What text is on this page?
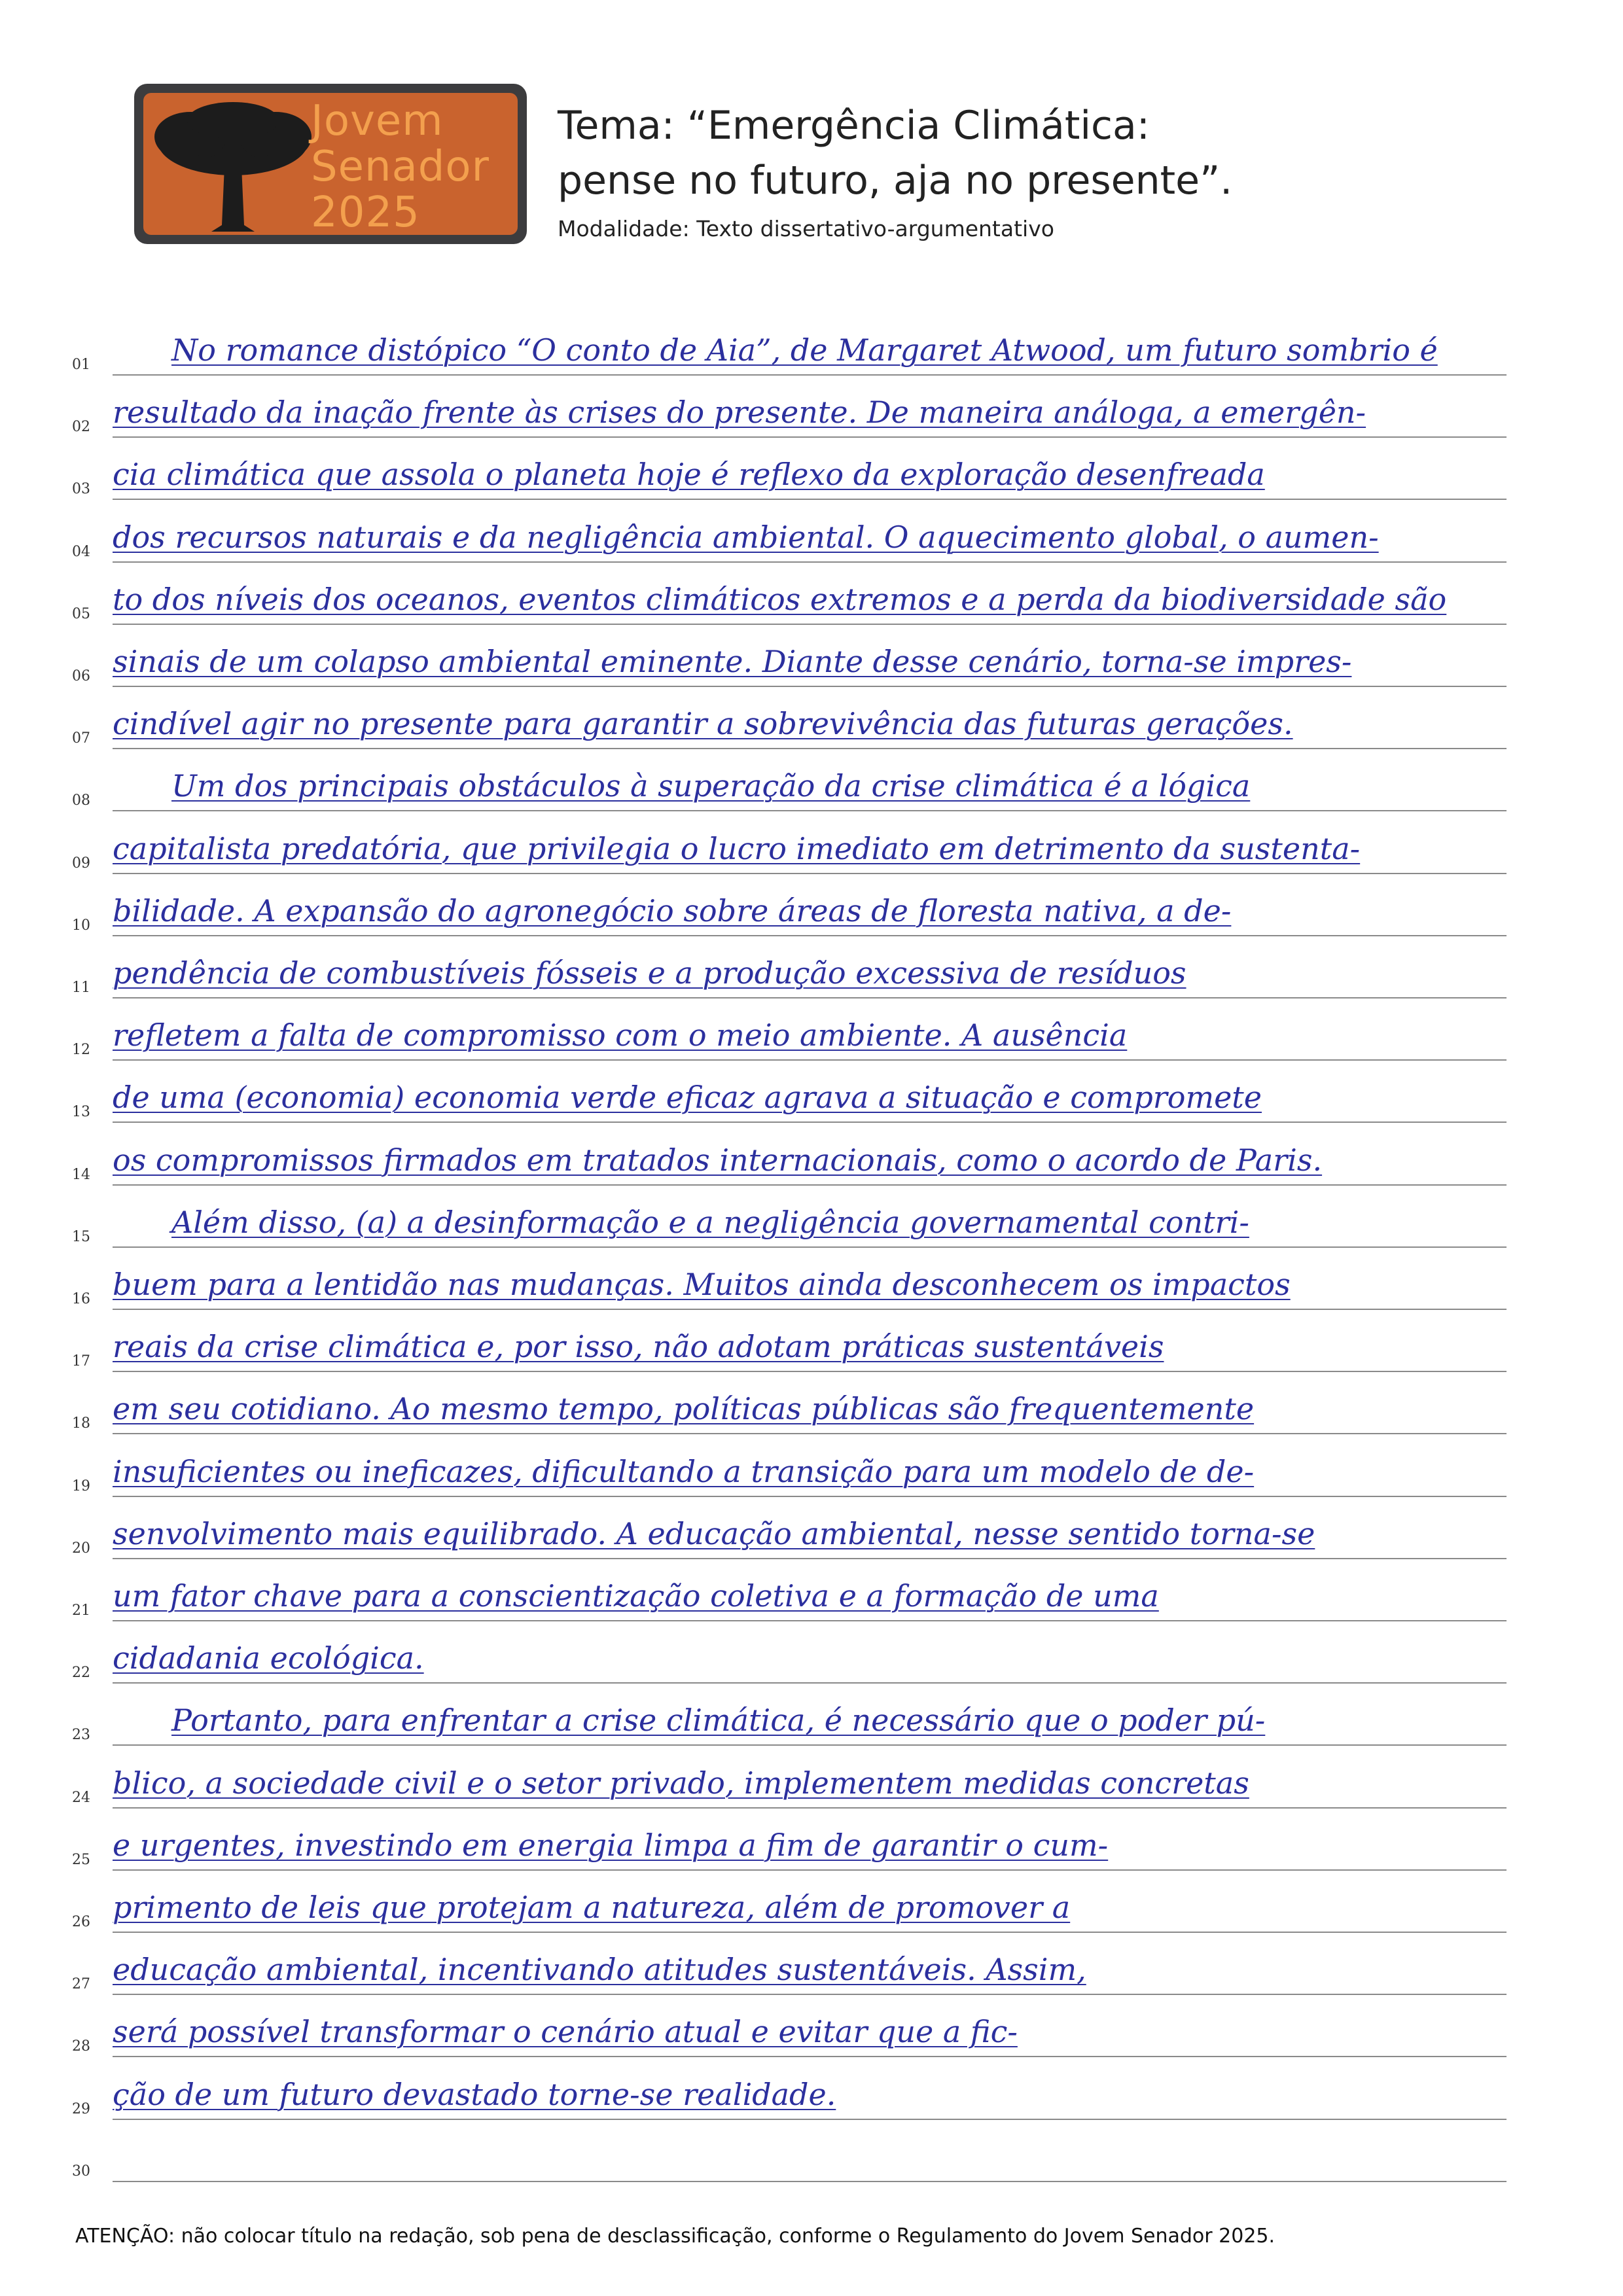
Jovem
Senador
2025
Tema: “Emergência Climática:
pense no futuro, aja no presente”.
Modalidade: Texto dissertativo-argumentativo
01	No romance distópico “O conto de Aia”, de Margaret Atwood, um futuro sombrio é
02 resultado da inação frente às crises do presente. De maneira análoga, a emergên-
03 cia climática que assola o planeta hoje é reflexo da exploração desenfreada
04 dos recursos naturais e da negligência ambiental. O aquecimento global, o aumen-
05 to dos níveis dos oceanos, eventos climáticos extremos e a perda da biodiversidade são
06 sinais de um colapso ambiental eminente. Diante desse cenário, torna-se impres-
07 cindível agir no presente para garantir a sobrevivência das futuras gerações.
08	Um dos principais obstáculos à superação da crise climática é a lógica
09 capitalista predatória, que privilegia o lucro imediato em detrimento da sustenta-
10 bilidade. A expansão do agronegócio sobre áreas de floresta nativa, a de-
11 pendência de combustíveis fósseis e a produção excessiva de resíduos
12 refletem a falta de compromisso com o meio ambiente. A ausência
13 de uma (economia) economia verde eficaz agrava a situação e compromete
14 os compromissos firmados em tratados internacionais, como o acordo de Paris.
15	Além disso, (a) a desinformação e a negligência governamental contri-
16 buem para a lentidão nas mudanças. Muitos ainda desconhecem os impactos
17 reais da crise climática e, por isso, não adotam práticas sustentáveis
18 em seu cotidiano. Ao mesmo tempo, políticas públicas são frequentemente
19 insuficientes ou ineficazes, dificultando a transição para um modelo de de-
20 senvolvimento mais equilibrado. A educação ambiental, nesse sentido torna-se
21 um fator chave para a conscientização coletiva e a formação de uma
22 cidadania ecológica.
23	Portanto, para enfrentar a crise climática, é necessário que o poder pú-
24 blico, a sociedade civil e o setor privado, implementem medidas concretas
25 e urgentes, investindo em energia limpa a fim de garantir o cum-
26 primento de leis que protejam a natureza, além de promover a
27 educação ambiental, incentivando atitudes sustentáveis. Assim,
28 será possível transformar o cenário atual e evitar que a fic-
29 ção de um futuro devastado torne-se realidade.
30
ATENÇÃO: não colocar título na redação, sob pena de desclassificação, conforme o Regulamento do Jovem Senador 2025.
